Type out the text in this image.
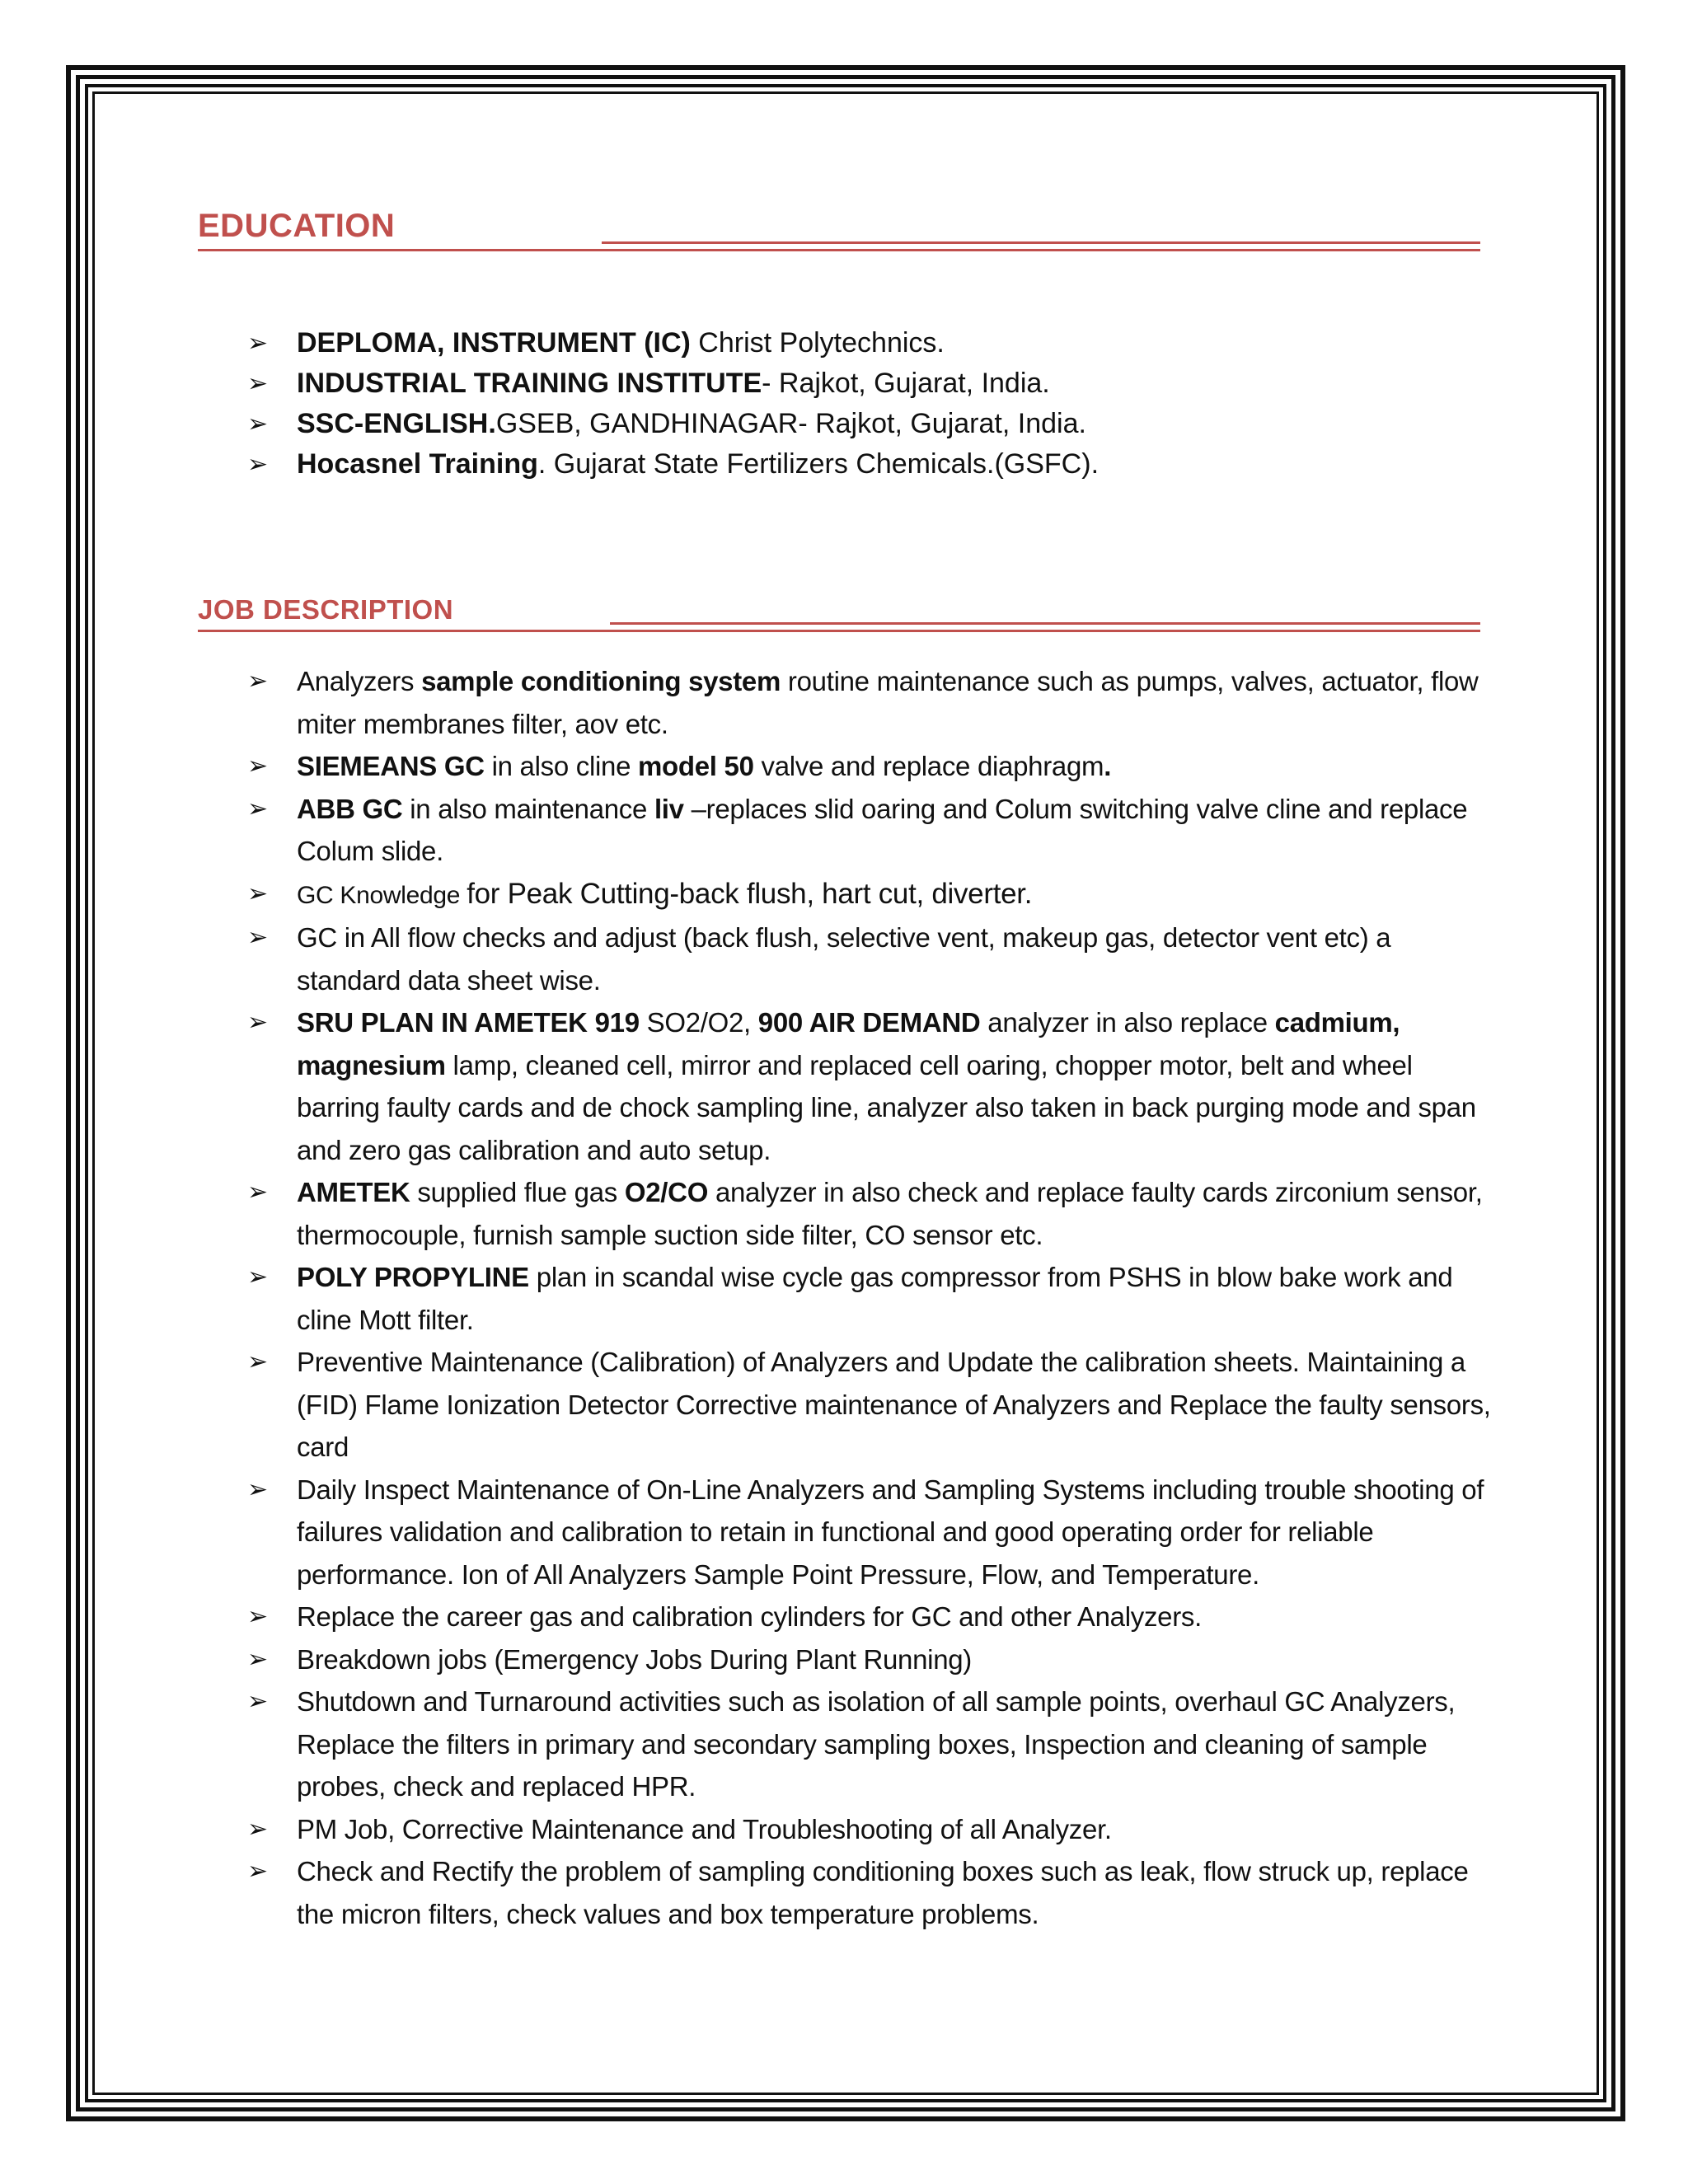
EDUCATION
➢ DEPLOMA, INSTRUMENT (IC) Christ Polytechnics.
➢ INDUSTRIAL TRAINING INSTITUTE- Rajkot, Gujarat, India.
➢ SSC-ENGLISH.GSEB, GANDHINAGAR- Rajkot, Gujarat, India.
➢ Hocasnel Training. Gujarat State Fertilizers Chemicals.(GSFC).
JOB DESCRIPTION
➢ Analyzers sample conditioning system routine maintenance such as pumps, valves, actuator, flow miter membranes filter, aov etc.
➢ SIEMEANS GC in also cline model 50 valve and replace diaphragm.
➢ ABB GC in also maintenance liv –replaces slid oaring and Colum switching valve cline and replace Colum slide.
➢ GC Knowledge for Peak Cutting-back flush, hart cut, diverter.
➢ GC in All flow checks and adjust (back flush, selective vent, makeup gas, detector vent etc) a standard data sheet wise.
➢ SRU PLAN IN AMETEK 919 SO2/O2, 900 AIR DEMAND analyzer in also replace cadmium, magnesium lamp, cleaned cell, mirror and replaced cell oaring, chopper motor, belt and wheel barring faulty cards and de chock sampling line, analyzer also taken in back purging mode and span and zero gas calibration and auto setup.
➢ AMETEK supplied flue gas O2/CO analyzer in also check and replace faulty cards zirconium sensor, thermocouple, furnish sample suction side filter, CO sensor etc.
➢ POLY PROPYLINE plan in scandal wise cycle gas compressor from PSHS in blow bake work and cline Mott filter.
➢ Preventive Maintenance (Calibration) of Analyzers and Update the calibration sheets. Maintaining a (FID) Flame Ionization Detector Corrective maintenance of Analyzers and Replace the faulty sensors, card
➢ Daily Inspect Maintenance of On-Line Analyzers and Sampling Systems including trouble shooting of failures validation and calibration to retain in functional and good operating order for reliable performance. Ion of All Analyzers Sample Point Pressure, Flow, and Temperature.
➢ Replace the career gas and calibration cylinders for GC and other Analyzers.
➢ Breakdown jobs (Emergency Jobs During Plant Running)
➢ Shutdown and Turnaround activities such as isolation of all sample points, overhaul GC Analyzers, Replace the filters in primary and secondary sampling boxes, Inspection and cleaning of sample probes, check and replaced HPR.
➢ PM Job, Corrective Maintenance and Troubleshooting of all Analyzer.
➢ Check and Rectify the problem of sampling conditioning boxes such as leak, flow struck up, replace the micron filters, check values and box temperature problems.
